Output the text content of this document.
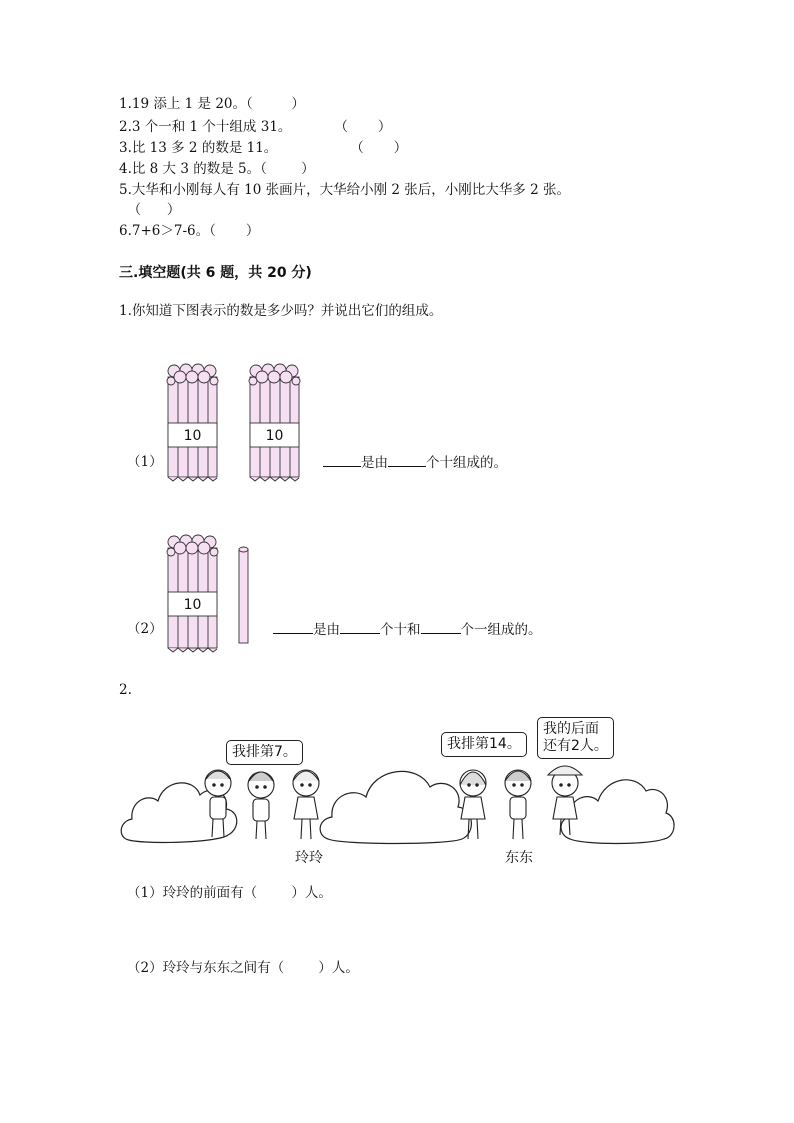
1.19 添上 1 是 20。（         ）
2.3 个一和 1 个十组成 31。          （       ）
3.比 13 多 2 的数是 11。                 （       ）
4.比 8 大 3 的数是 5。（        ）
5.大华和小刚每人有 10 张画片，大华给小刚 2 张后，小刚比大华多 2 张。
（      ）
6.7+6＞7-6。（       ）
三.填空题(共 6 题，共 20 分)
1.你知道下图表示的数是多少吗？并说出它们的组成。
10	10
（1）	是由	个十组成的。
10
（2）	是由	个十和	个一组成的。
2.
我排第7。	我排第14。
我的后面
还有2人。
玲玲	东东
（1）玲玲的前面有（        ）人。
（2）玲玲与东东之间有（        ）人。
